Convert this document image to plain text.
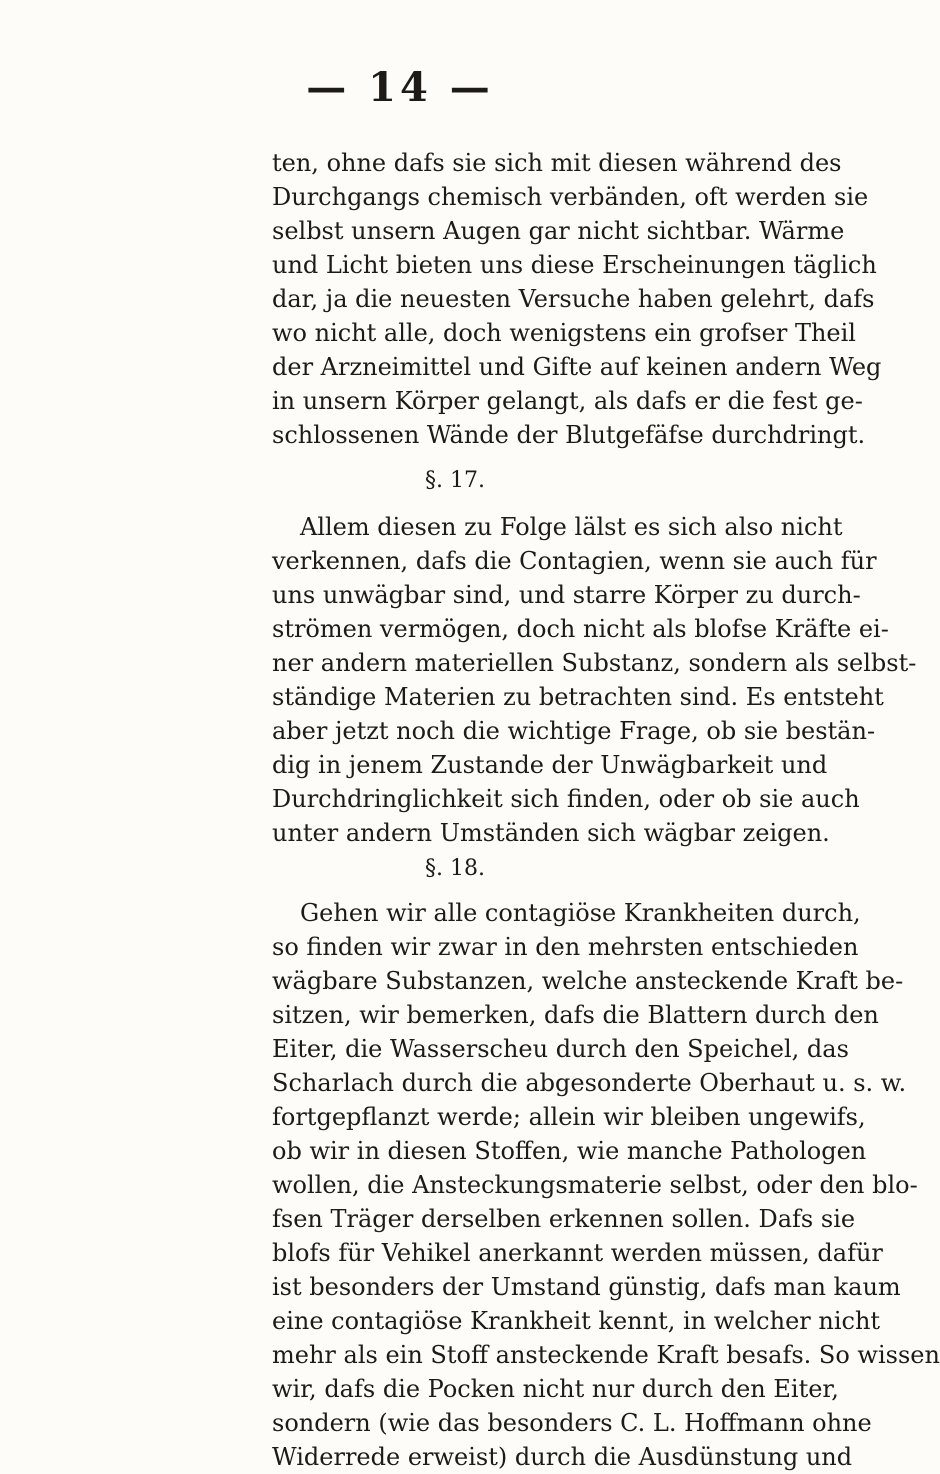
— 14 —
ten, ohne dafs sie sich mit diesen während des
Durchgangs chemisch verbänden, oft werden sie
selbst unsern Augen gar nicht sichtbar. Wärme
und Licht bieten uns diese Erscheinungen täglich
dar, ja die neuesten Versuche haben gelehrt, dafs
wo nicht alle, doch wenigstens ein grofser Theil
der Arzneimittel und Gifte auf keinen andern Weg
in unsern Körper gelangt, als dafs er die fest ge-
schlossenen Wände der Blutgefäfse durchdringt.
§. 17.
Allem diesen zu Folge lälst es sich also nicht
verkennen, dafs die Contagien, wenn sie auch für
uns unwägbar sind, und starre Körper zu durch-
strömen vermögen, doch nicht als blofse Kräfte ei-
ner andern materiellen Substanz, sondern als selbst-
ständige Materien zu betrachten sind. Es entsteht
aber jetzt noch die wichtige Frage, ob sie bestän-
dig in jenem Zustande der Unwägbarkeit und
Durchdringlichkeit sich finden, oder ob sie auch
unter andern Umständen sich wägbar zeigen.
§. 18.
Gehen wir alle contagiöse Krankheiten durch,
so finden wir zwar in den mehrsten entschieden
wägbare Substanzen, welche ansteckende Kraft be-
sitzen, wir bemerken, dafs die Blattern durch den
Eiter, die Wasserscheu durch den Speichel, das
Scharlach durch die abgesonderte Oberhaut u. s. w.
fortgepflanzt werde; allein wir bleiben ungewifs,
ob wir in diesen Stoffen, wie manche Pathologen
wollen, die Ansteckungsmaterie selbst, oder den blo-
fsen Träger derselben erkennen sollen. Dafs sie
blofs für Vehikel anerkannt werden müssen, dafür
ist besonders der Umstand günstig, dafs man kaum
eine contagiöse Krankheit kennt, in welcher nicht
mehr als ein Stoff ansteckende Kraft besafs. So wissen
wir, dafs die Pocken nicht nur durch den Eiter,
sondern (wie das besonders C. L. Hoffmann ohne
Widerrede erweist) durch die Ausdünstung und
